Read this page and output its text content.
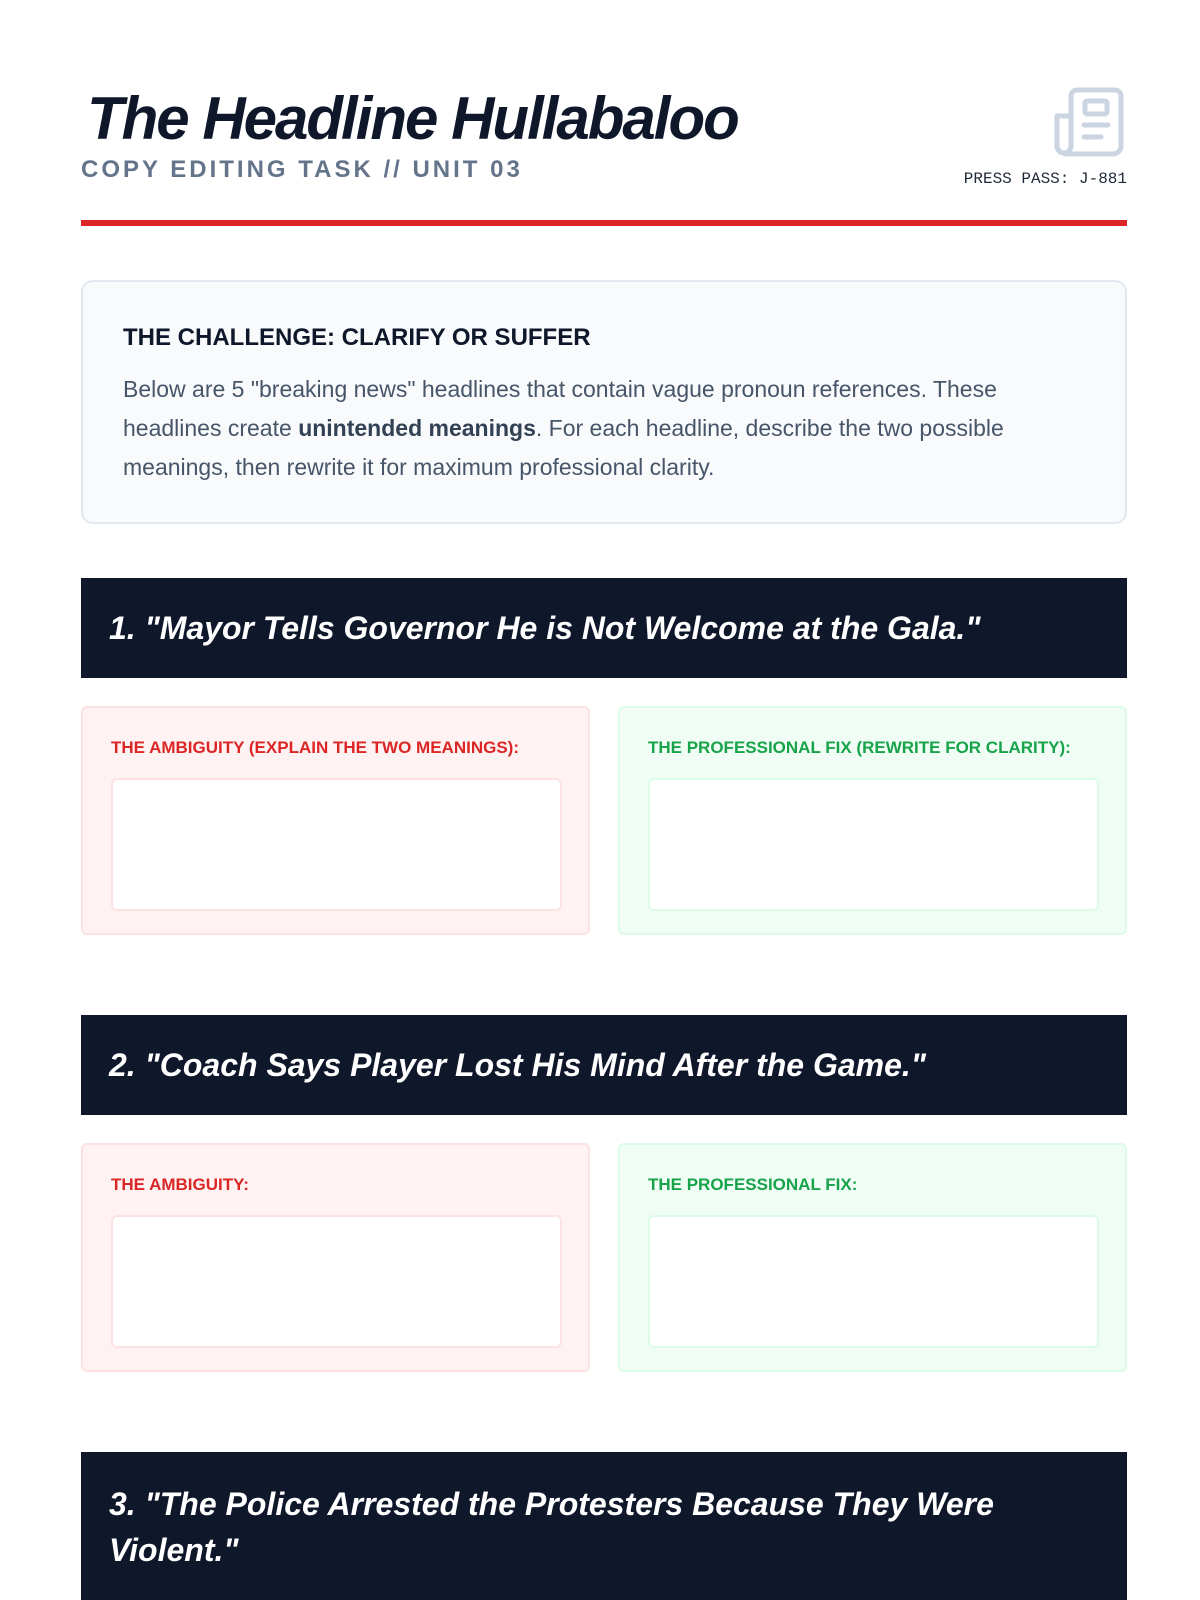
The Headline Hullabaloo
COPY EDITING TASK // UNIT 03	PRESS PASS: J-881
THE CHALLENGE: CLARIFY OR SUFFER
Below are 5 "breaking news" headlines that contain vague pronoun references. These headlines create unintended meanings. For each headline, describe the two possible meanings, then rewrite it for maximum professional clarity.
1. "Mayor Tells Governor He is Not Welcome at the Gala."
THE AMBIGUITY (EXPLAIN THE TWO MEANINGS):	THE PROFESSIONAL FIX (REWRITE FOR CLARITY):
2. "Coach Says Player Lost His Mind After the Game."
THE AMBIGUITY:	THE PROFESSIONAL FIX:
3. "The Police Arrested the Protesters Because They Were Violent."
